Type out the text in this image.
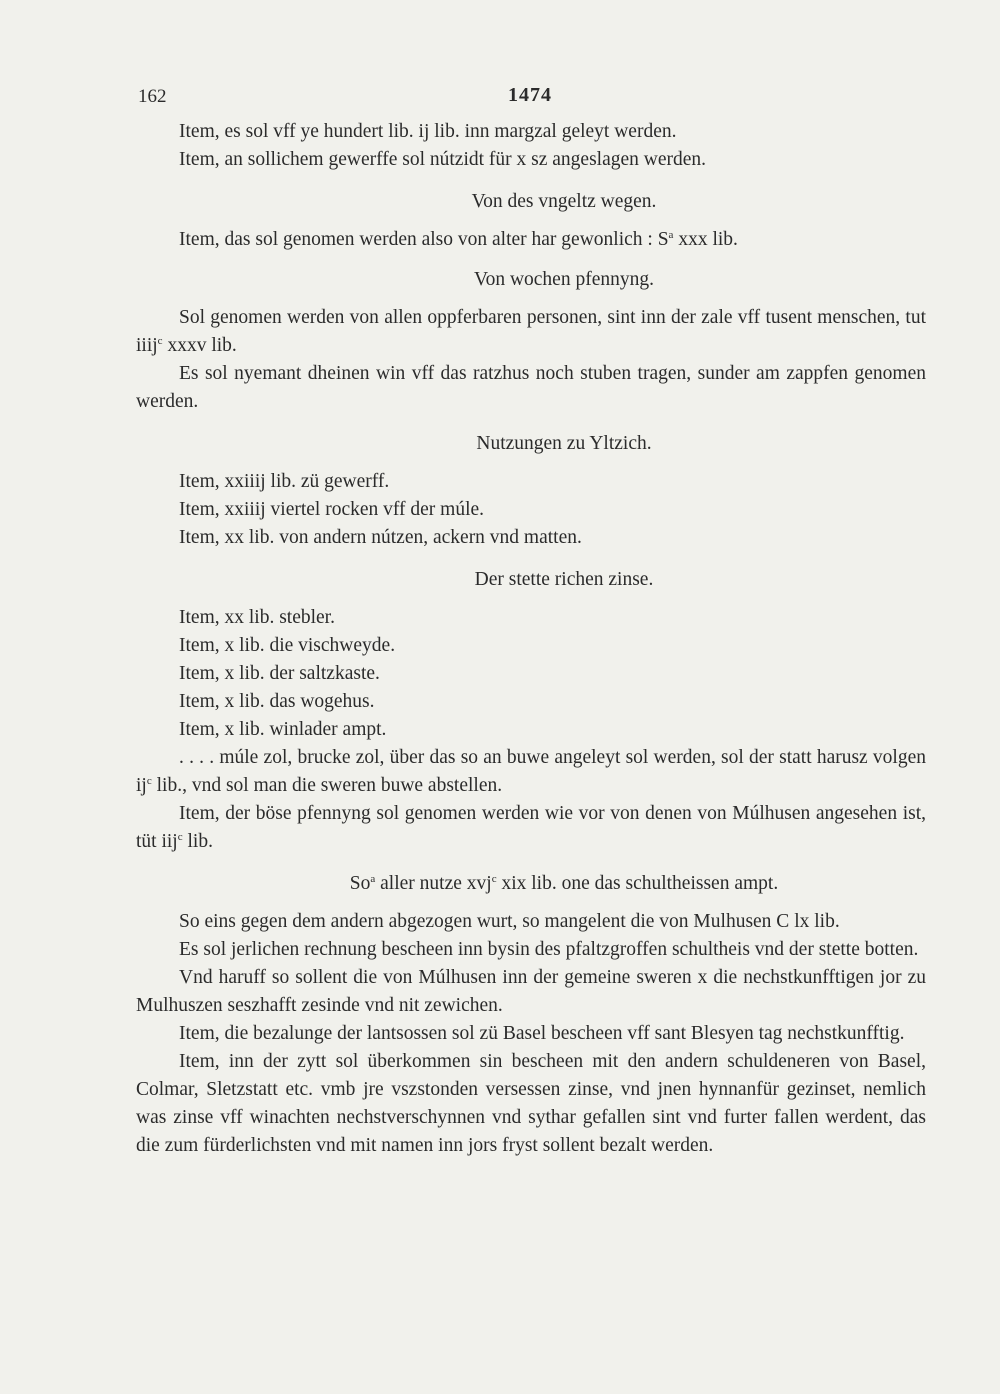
162	1474

Item, es sol vff ye hundert lib. ij lib. inn margzal geleyt werden.

Item, an sollichem gewerffe sol nútzidt für x sz angeslagen werden.

Von des vngeltz wegen.

Item, das sol genomen werden also von alter har gewonlich : $S^a$ xxx lib.

Von wochen pfennyng.

Sol genomen werden von allen oppferbaren personen, sint inn der zale vff tusent menschen, tut iiij$^c$ xxxv lib.

Es sol nyemant dheinen win vff das ratzhus noch stuben tragen, sunder am zappfen genomen werden.

Nutzungen zu Yltzich.

Item, xxiiij lib. zü gewerff.

Item, xxiiij viertel rocken vff der múle.

Item, xx lib. von andern nútzen, ackern vnd matten.

Der stette richen zinse.

Item, xx lib. stebler.

Item, x lib. die vischweyde.

Item, x lib. der saltzkaste.

Item, x lib. das wogehus.

Item, x lib. winlader ampt.

. . . . múle zol, brucke zol, über das so an buwe angeleyt sol werden, sol der statt harusz volgen $ij^c$ lib., vnd sol man die sweren buwe abstellen.

Item, der böse pfennyng sol genomen werden wie vor von denen von Múlhusen angesehen ist, tüt iij$^c$ lib.

So$^a$ aller nutze xvj$^c$ xix lib. one das schultheissen ampt.

So eins gegen dem andern abgezogen wurt, so mangelent die von Mulhusen C lx lib.

Es sol jerlichen rechnung bescheen inn bysin des pfaltzgroffen schultheis vnd der stette botten.

Vnd haruff so sollent die von Múlhusen inn der gemeine sweren x die nechstkunfftigen jor zu Mulhuszen seszhafft zesinde vnd nit zewichen.

Item, die bezalunge der lantsossen sol zü Basel bescheen vff sant Blesyen tag nechstkunfftig.

Item, inn der zytt sol überkommen sin bescheen mit den andern schuldeneren von Basel, Colmar, Sletzstatt etc. vmb jre vszstonden versessen zinse, vnd jnen hynnanfür gezinset, nemlich was zinse vff winachten nechstverschynnen vnd sythar gefallen sint vnd furter fallen werdent, das die zum fürderlichsten vnd mit namen inn jors fryst sollent bezalt werden.
